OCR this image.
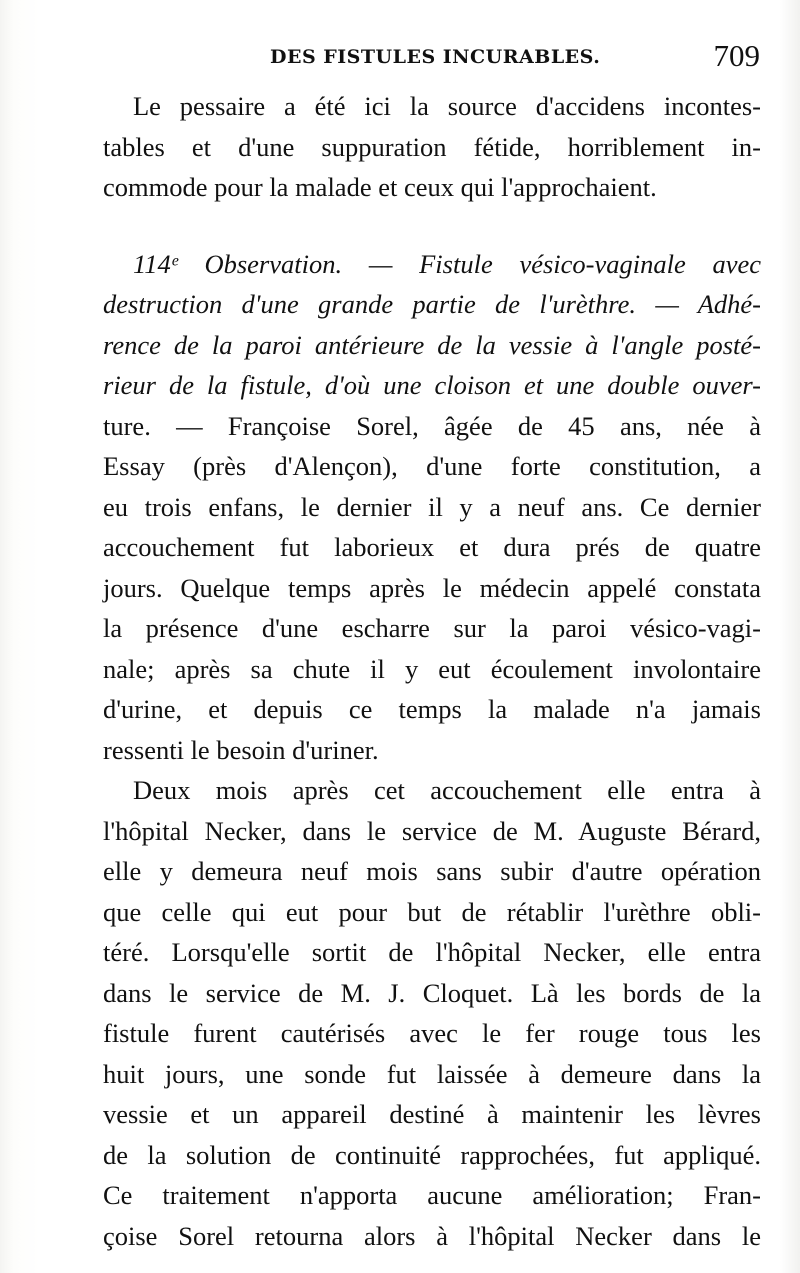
DES FISTULES INCURABLES.	709
Le pessaire a été ici la source d'accidens incontes-
tables et d'une suppuration fétide, horriblement in-
commode pour la malade et ceux qui l'approchaient.
114ᵉ Observation. — Fistule vésico-vaginale avec
destruction d'une grande partie de l'urèthre. — Adhé-
rence de la paroi antérieure de la vessie à l'angle posté-
rieur de la fistule, d'où une cloison et une double ouver-
ture. — Françoise Sorel, âgée de 45 ans, née à
Essay (près d'Alençon), d'une forte constitution, a
eu trois enfans, le dernier il y a neuf ans. Ce dernier
accouchement fut laborieux et dura prés de quatre
jours. Quelque temps après le médecin appelé constata
la présence d'une escharre sur la paroi vésico-vagi-
nale; après sa chute il y eut écoulement involontaire
d'urine, et depuis ce temps la malade n'a jamais
ressenti le besoin d'uriner.
Deux mois après cet accouchement elle entra à
l'hôpital Necker, dans le service de M. Auguste Bérard,
elle y demeura neuf mois sans subir d'autre opération
que celle qui eut pour but de rétablir l'urèthre obli-
téré. Lorsqu'elle sortit de l'hôpital Necker, elle entra
dans le service de M. J. Cloquet. Là les bords de la
fistule furent cautérisés avec le fer rouge tous les
huit jours, une sonde fut laissée à demeure dans la
vessie et un appareil destiné à maintenir les lèvres
de la solution de continuité rapprochées, fut appliqué.
Ce traitement n'apporta aucune amélioration; Fran-
çoise Sorel retourna alors à l'hôpital Necker dans le
